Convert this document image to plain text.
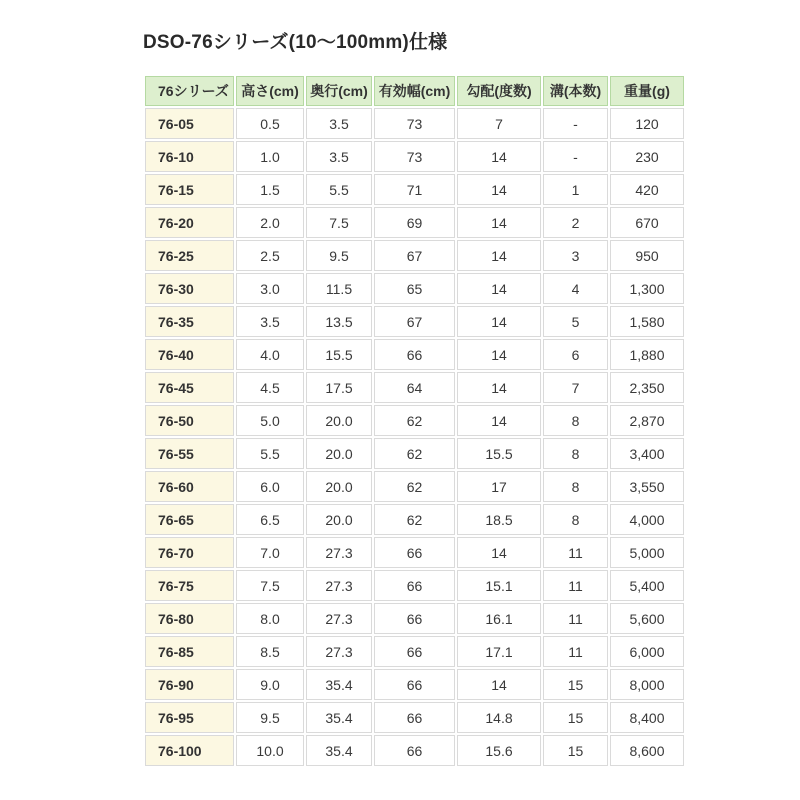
DSO-76シリーズ(10〜100mm)仕様
76シリーズ	高さ(cm)	奥行(cm)	有効幅(cm)	勾配(度数)	溝(本数)	重量(g)
76-05	0.5	3.5	73	7	-	120
76-10	1.0	3.5	73	14	-	230
76-15	1.5	5.5	71	14	1	420
76-20	2.0	7.5	69	14	2	670
76-25	2.5	9.5	67	14	3	950
76-30	3.0	11.5	65	14	4	1,300
76-35	3.5	13.5	67	14	5	1,580
76-40	4.0	15.5	66	14	6	1,880
76-45	4.5	17.5	64	14	7	2,350
76-50	5.0	20.0	62	14	8	2,870
76-55	5.5	20.0	62	15.5	8	3,400
76-60	6.0	20.0	62	17	8	3,550
76-65	6.5	20.0	62	18.5	8	4,000
76-70	7.0	27.3	66	14	11	5,000
76-75	7.5	27.3	66	15.1	11	5,400
76-80	8.0	27.3	66	16.1	11	5,600
76-85	8.5	27.3	66	17.1	11	6,000
76-90	9.0	35.4	66	14	15	8,000
76-95	9.5	35.4	66	14.8	15	8,400
76-100	10.0	35.4	66	15.6	15	8,600
